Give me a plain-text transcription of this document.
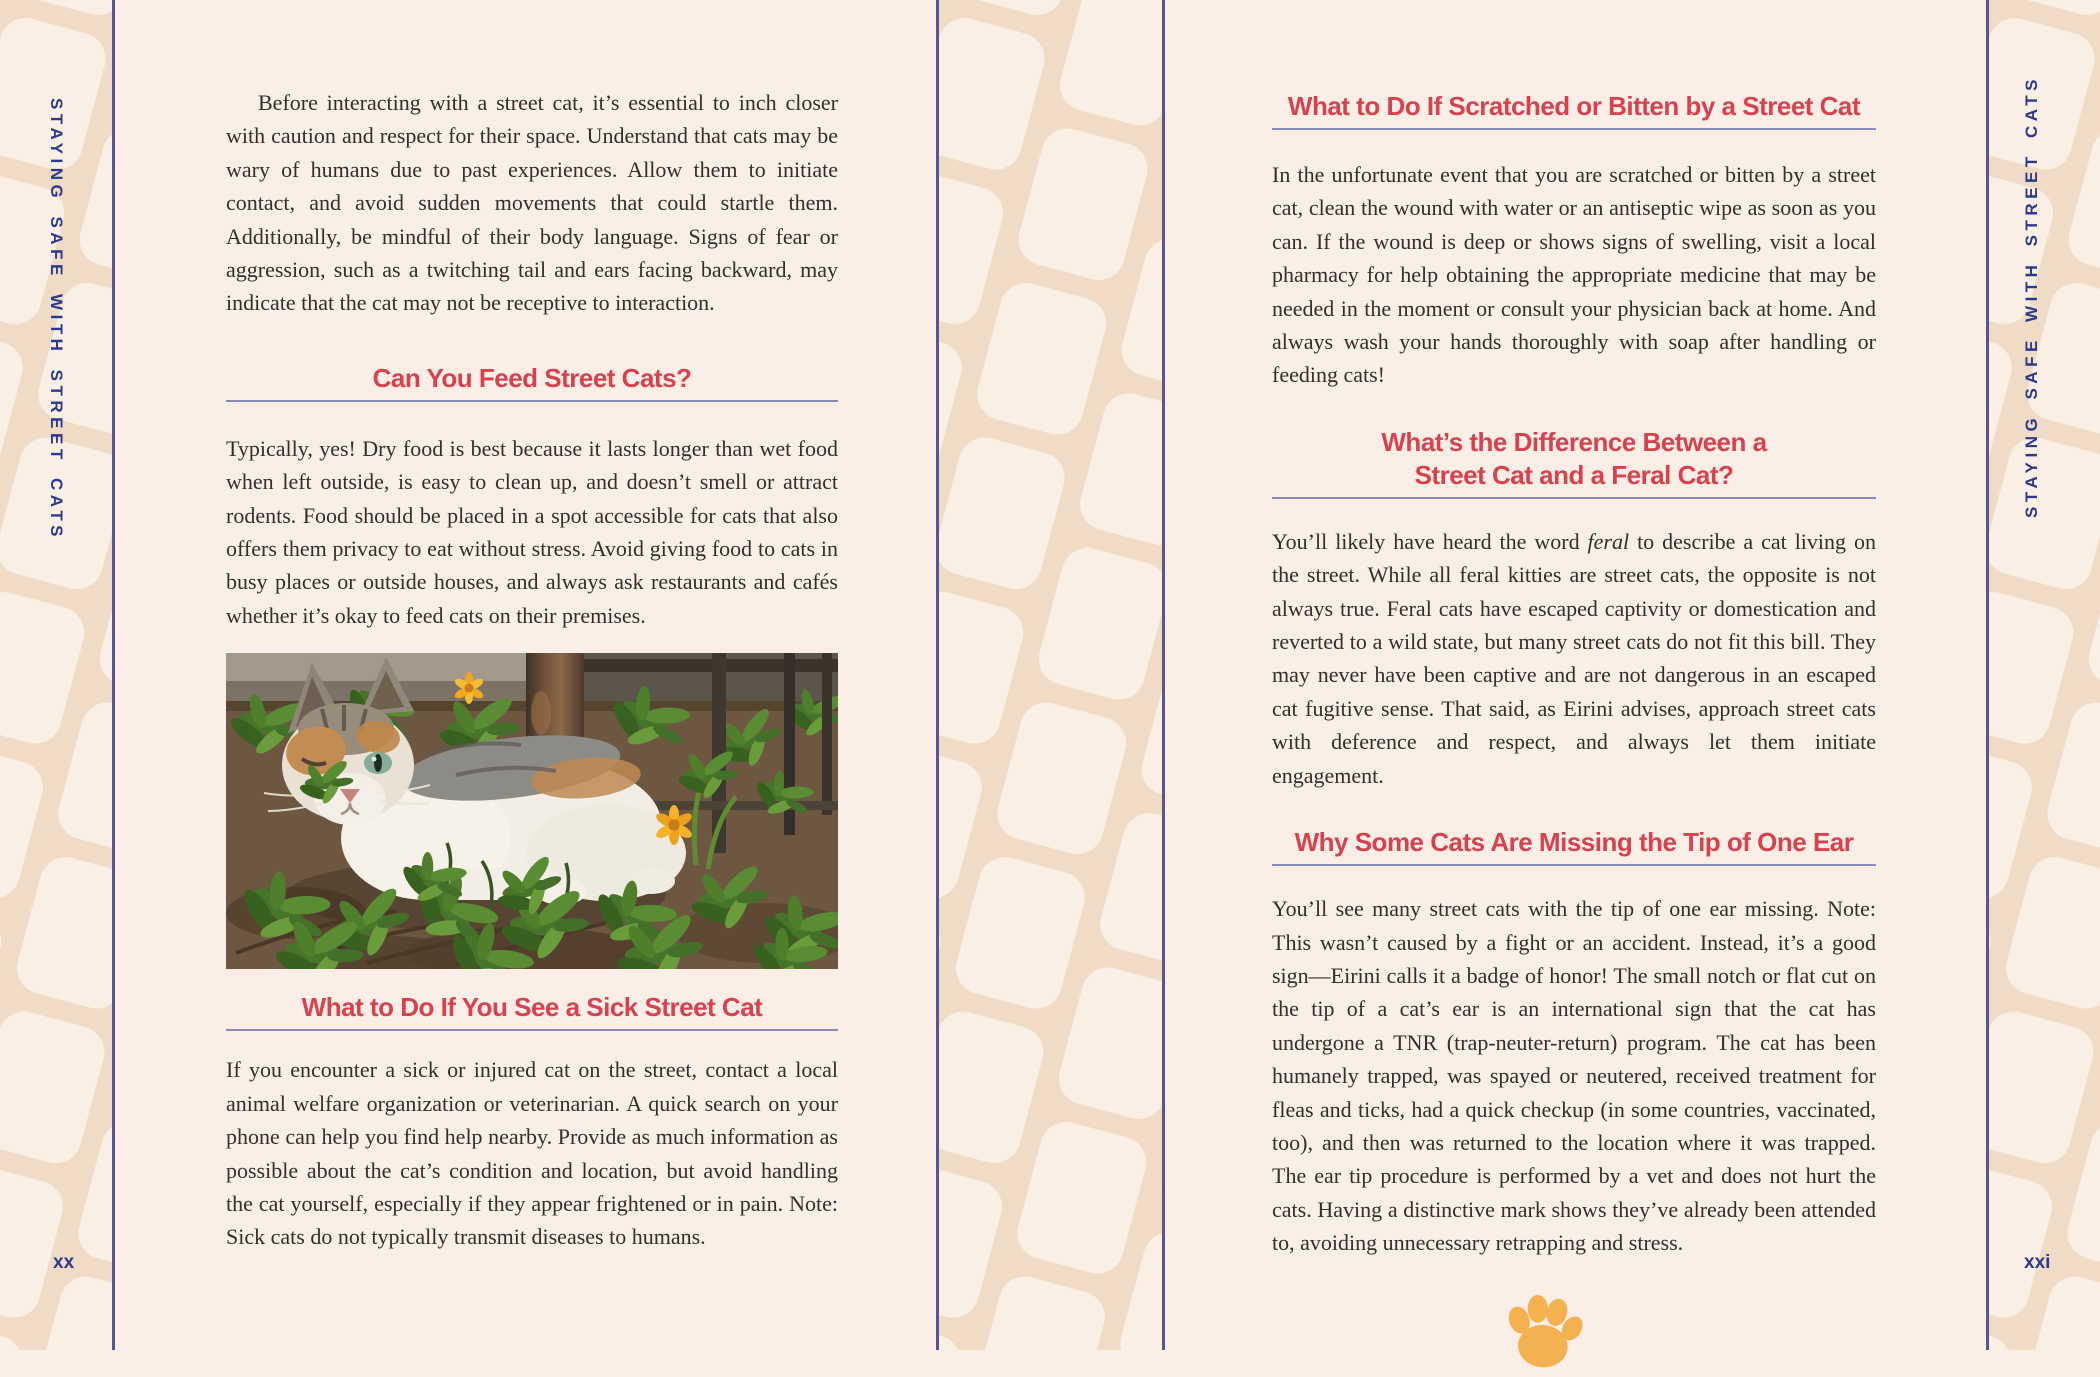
STAYING SAFE WITH STREET CATS	STAYING SAFE WITH STREET CATS
xx	xxi

Before interacting with a street cat, it’s essential to inch closer with caution and respect for their space. Understand that cats may be wary of humans due to past experiences. Allow them to initiate contact, and avoid sudden movements that could startle them. Additionally, be mindful of their body language. Signs of fear or aggression, such as a twitching tail and ears facing backward, may indicate that the cat may not be receptive to interaction.

Can You Feed Street Cats?

Typically, yes! Dry food is best because it lasts longer than wet food when left outside, is easy to clean up, and doesn’t smell or attract rodents. Food should be placed in a spot accessible for cats that also offers them privacy to eat without stress. Avoid giving food to cats in busy places or outside houses, and always ask restaurants and cafés whether it’s okay to feed cats on their premises.

What to Do If You See a Sick Street Cat

If you encounter a sick or injured cat on the street, contact a local animal welfare organization or veterinarian. A quick search on your phone can help you find help nearby. Provide as much information as possible about the cat’s condition and location, but avoid handling the cat yourself, especially if they appear frightened or in pain. Note: Sick cats do not typically transmit diseases to humans.

What to Do If Scratched or Bitten by a Street Cat

In the unfortunate event that you are scratched or bitten by a street cat, clean the wound with water or an antiseptic wipe as soon as you can. If the wound is deep or shows signs of swelling, visit a local pharmacy for help obtaining the appropriate medicine that may be needed in the moment or consult your physician back at home. And always wash your hands thoroughly with soap after handling or feeding cats!

What’s the Difference Between a
Street Cat and a Feral Cat?

You’ll likely have heard the word feral to describe a cat living on the street. While all feral kitties are street cats, the opposite is not always true. Feral cats have escaped captivity or domestication and reverted to a wild state, but many street cats do not fit this bill. They may never have been captive and are not dangerous in an escaped cat fugitive sense. That said, as Eirini advises, approach street cats with deference and respect, and always let them initiate engagement.

Why Some Cats Are Missing the Tip of One Ear

You’ll see many street cats with the tip of one ear missing. Note: This wasn’t caused by a fight or an accident. Instead, it’s a good sign—Eirini calls it a badge of honor! The small notch or flat cut on the tip of a cat’s ear is an international sign that the cat has undergone a TNR (trap-neuter-return) program. The cat has been humanely trapped, was spayed or neutered, received treatment for fleas and ticks, had a quick checkup (in some countries, vaccinated, too), and then was returned to the location where it was trapped. The ear tip procedure is performed by a vet and does not hurt the cats. Having a distinctive mark shows they’ve already been attended to, avoiding unnecessary retrapping and stress.
